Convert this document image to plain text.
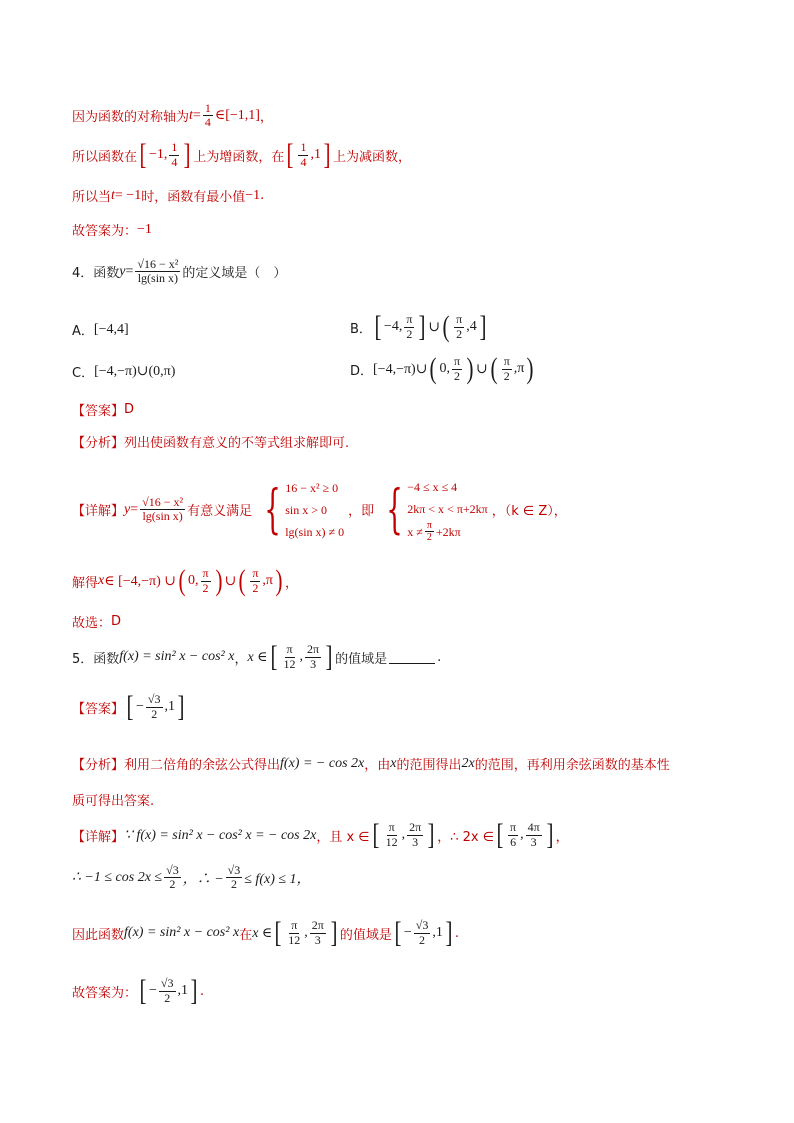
因为函数的对称轴为 $t = \frac{1}{4}$ ∈ [−1,1] ，
所以函数在 [ −1, $\frac{1}{4}$ ] 上为增函数，在 [ $\frac{1}{4} ,1$ ] 上为减函数，
所以当 t = −1 时，函数有最小值 −1 .
故答案为： −1
4．函数 $y = \frac{\text{√16 − x²}}{\text{lg(sin x)}}$ 的定义域是（　）
A． [−4,4]	B． [ −4, $\frac{\pi}{2}$ ] ∪ ( $\frac{\pi}{2} ,4$ ]
C． [−4,−π)∪(0,π)	D． [−4,−π)∪ ( 0, $\frac{\pi}{2}$ ) ∪ ( $\frac{\pi}{2} ,\pi$ )
【答案】 D
【分析】 列出使函数有意义的不等式组求解即可.
【详解】 $y = \frac{\text{√16 − x²}}{\text{lg(sin x)}}$ 有意义满足 { 16 − x² ≥ 0
sin x > 0
lg(sin x) ≠ 0
，即 { −4 ≤ x ≤ 4
2kπ < x < π+2kπ
$x \ne \frac{\pi}{2} +2k\pi$
，（k ∈ Z），
解得 x ∈ [−4,−π) ∪ ( 0, $\frac{\pi}{2}$ ) ∪ ( $\frac{\pi}{2} ,\pi$ ) ，
故选： D
5．函数 f(x) = sin² x − cos² x ， x ∈ [ $\frac{\pi}{12}$ , $\frac{2\pi}{3}$ ] 的值域是	.
【答案】 [ − $\frac{√3}{2} ,1$ ]
【分析】 利用二倍角的余弦公式得出 f(x) = − cos 2x ，由 x 的范围得出 2x 的范围，再利用余弦函数的基本性
质可得出答案.
【详解】 ∵ f(x) = sin² x − cos² x = − cos 2x ，且 x ∈ [ $\frac{\pi}{12}$ , $\frac{2\pi}{3}$ ] ，∴ 2x ∈ [ $\frac{\pi}{6}$ , $\frac{4\pi}{3}$ ] ，
∴ $-1 \le \cos 2x \le \frac{√3}{2}$ ，∴ − $\frac{√3}{2} \le f(x) \le 1$，
因此函数 f(x) = sin² x − cos² x 在 x ∈ [ $\frac{\pi}{12}$ , $\frac{2\pi}{3}$ ] 的值域是 [ − $\frac{√3}{2} ,1$ ] .
故答案为： [ − $\frac{√3}{2} ,1$ ] .
